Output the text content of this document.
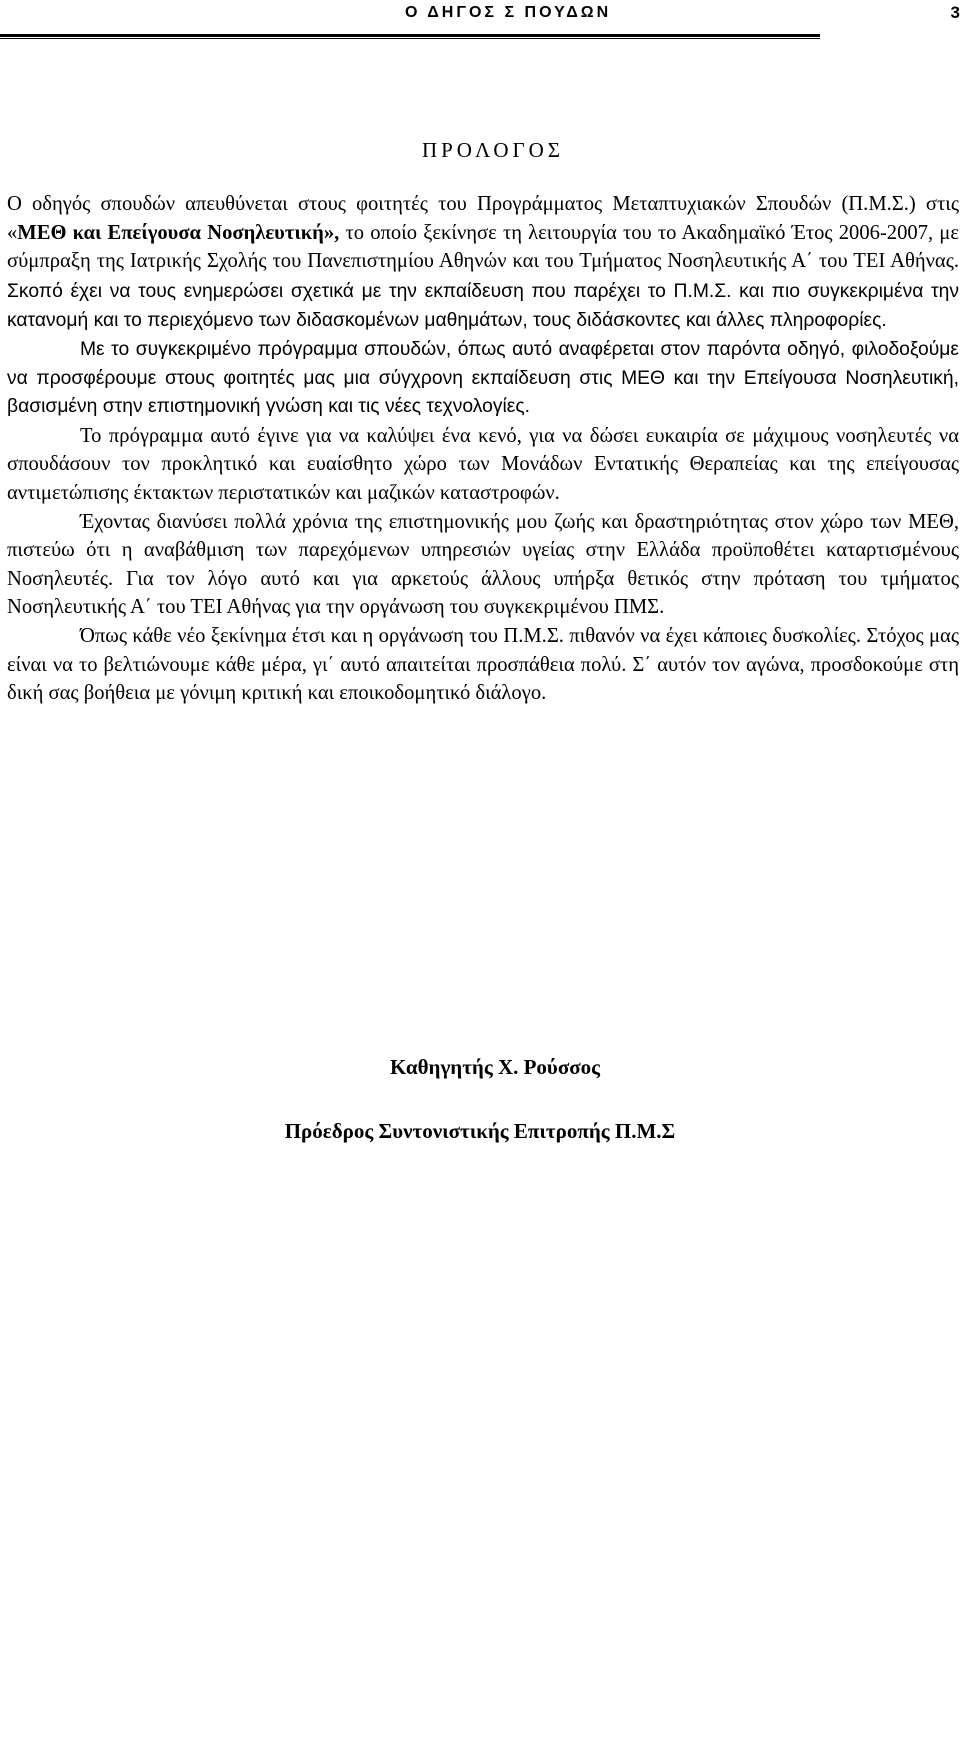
Ο ΔΗΓΟΣ Σ ΠΟΥΔΩΝ	3
ΠΡΟΛΟΓΟΣ

Ο οδηγός σπουδών απευθύνεται στους φοιτητές του Προγράμματος Μεταπτυχιακών Σπουδών (Π.Μ.Σ.) στις «ΜΕΘ και Επείγουσα Νοσηλευτική», το οποίο ξεκίνησε τη λειτουργία του το Ακαδημαϊκό Έτος 2006-2007, με σύμπραξη της Ιατρικής Σχολής του Πανεπιστημίου Αθηνών και του Τμήματος Νοσηλευτικής Α΄ του ΤΕΙ Αθήνας. Σκοπό έχει να τους ενημερώσει σχετικά με την εκπαίδευση που παρέχει το Π.Μ.Σ. και πιο συγκεκριμένα την κατανομή και το περιεχόμενο των διδασκομένων μαθημάτων, τους διδάσκοντες και άλλες πληροφορίες.

Με το συγκεκριμένο πρόγραμμα σπουδών, όπως αυτό αναφέρεται στον παρόντα οδηγό, φιλοδοξούμε να προσφέρουμε στους φοιτητές μας μια σύγχρονη εκπαίδευση στις ΜΕΘ και την Επείγουσα Νοσηλευτική, βασισμένη στην επιστημονική γνώση και τις νέες τεχνολογίες.

Το πρόγραμμα αυτό έγινε για να καλύψει ένα κενό, για να δώσει ευκαιρία σε μάχιμους νοσηλευτές να σπουδάσουν τον προκλητικό και ευαίσθητο χώρο των Μονάδων Εντατικής Θεραπείας και της επείγουσας αντιμετώπισης έκτακτων περιστατικών και μαζικών καταστροφών.

Έχοντας διανύσει πολλά χρόνια της επιστημονικής μου ζωής και δραστηριότητας στον χώρο των ΜΕΘ, πιστεύω ότι η αναβάθμιση των παρεχόμενων υπηρεσιών υγείας στην Ελλάδα προϋποθέτει καταρτισμένους Νοσηλευτές. Για τον λόγο αυτό και για αρκετούς άλλους υπήρξα θετικός στην πρόταση του τμήματος Νοσηλευτικής Α΄ του ΤΕΙ Αθήνας για την οργάνωση του συγκεκριμένου ΠΜΣ.

Όπως κάθε νέο ξεκίνημα έτσι και η οργάνωση του Π.Μ.Σ. πιθανόν να έχει κάποιες δυσκολίες. Στόχος μας είναι να το βελτιώνουμε κάθε μέρα, γι΄ αυτό απαιτείται προσπάθεια πολύ. Σ΄ αυτόν τον αγώνα, προσδοκούμε στη δική σας βοήθεια με γόνιμη κριτική και εποικοδομητικό διάλογο.

Καθηγητής Χ. Ρούσσος
Πρόεδρος Συντονιστικής Επιτροπής Π.Μ.Σ
